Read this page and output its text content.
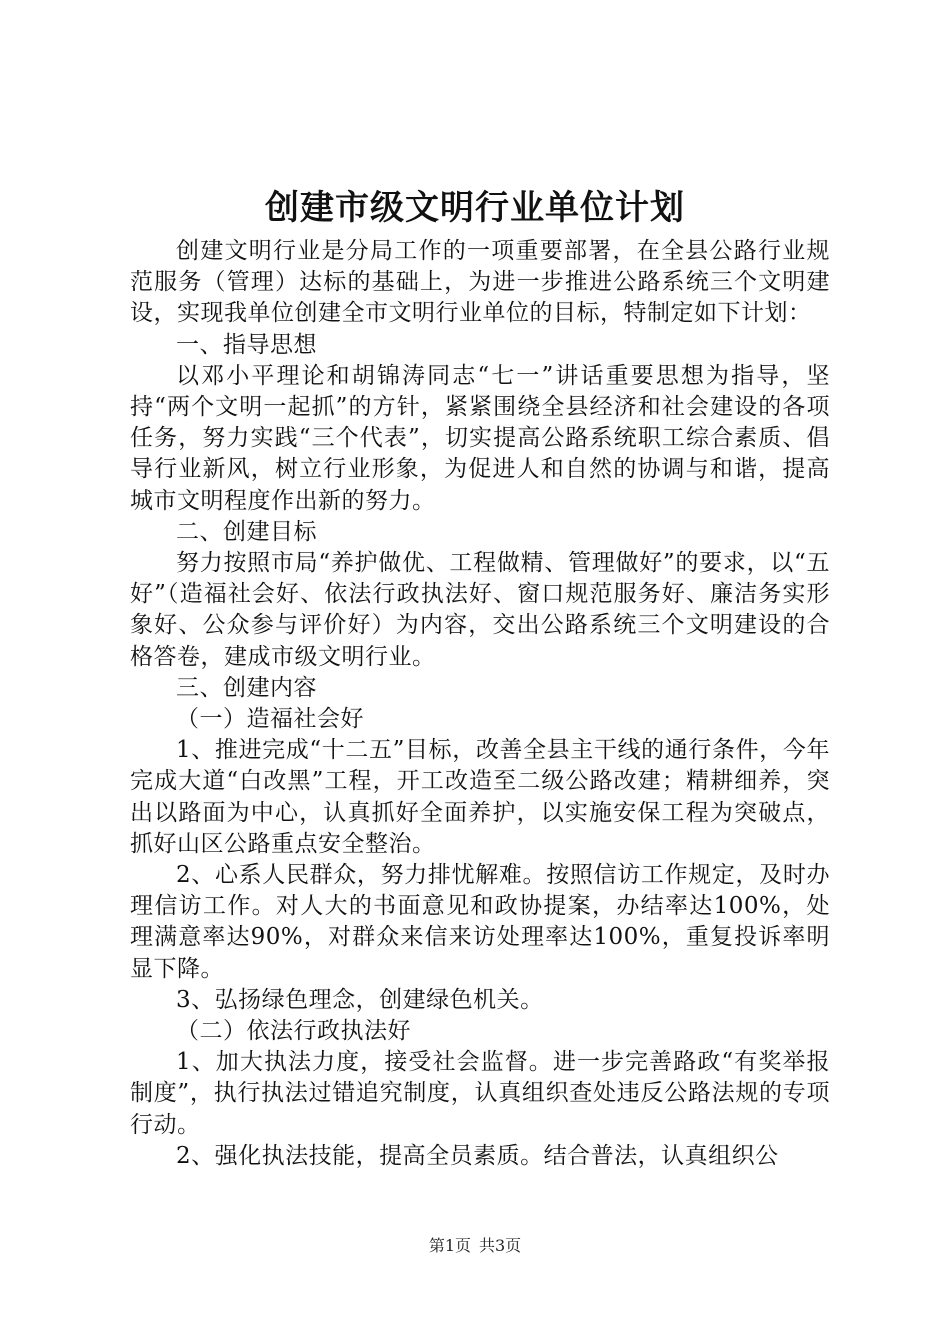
创建市级文明行业单位计划

创建文明行业是分局工作的一项重要部署，在全县公路行业规范服务（管理）达标的基础上，为进一步推进公路系统三个文明建设，实现我单位创建全市文明行业单位的目标，特制定如下计划：

一、指导思想

以邓小平理论和胡锦涛同志“七一”讲话重要思想为指导，坚持“两个文明一起抓”的方针，紧紧围绕全县经济和社会建设的各项任务，努力实践“三个代表”，切实提高公路系统职工综合素质、倡导行业新风，树立行业形象，为促进人和自然的协调与和谐，提高城市文明程度作出新的努力。

二、创建目标

努力按照市局“养护做优、工程做精、管理做好”的要求，以“五好”（造福社会好、依法行政执法好、窗口规范服务好、廉洁务实形象好、公众参与评价好）为内容，交出公路系统三个文明建设的合格答卷，建成市级文明行业。

三、创建内容

（一）造福社会好

1、推进完成“十二五”目标，改善全县主干线的通行条件，今年完成大道“白改黑”工程，开工改造至二级公路改建；精耕细养，突出以路面为中心，认真抓好全面养护，以实施安保工程为突破点，抓好山区公路重点安全整治。

2、心系人民群众，努力排忧解难。按照信访工作规定，及时办理信访工作。对人大的书面意见和政协提案，办结率达100%，处理满意率达90%，对群众来信来访处理率达100%，重复投诉率明显下降。

3、弘扬绿色理念，创建绿色机关。

（二）依法行政执法好

1、加大执法力度，接受社会监督。进一步完善路政“有奖举报制度”，执行执法过错追究制度，认真组织查处违反公路法规的专项行动。

2、强化执法技能，提高全员素质。结合普法，认真组织公

第1页 共3页
